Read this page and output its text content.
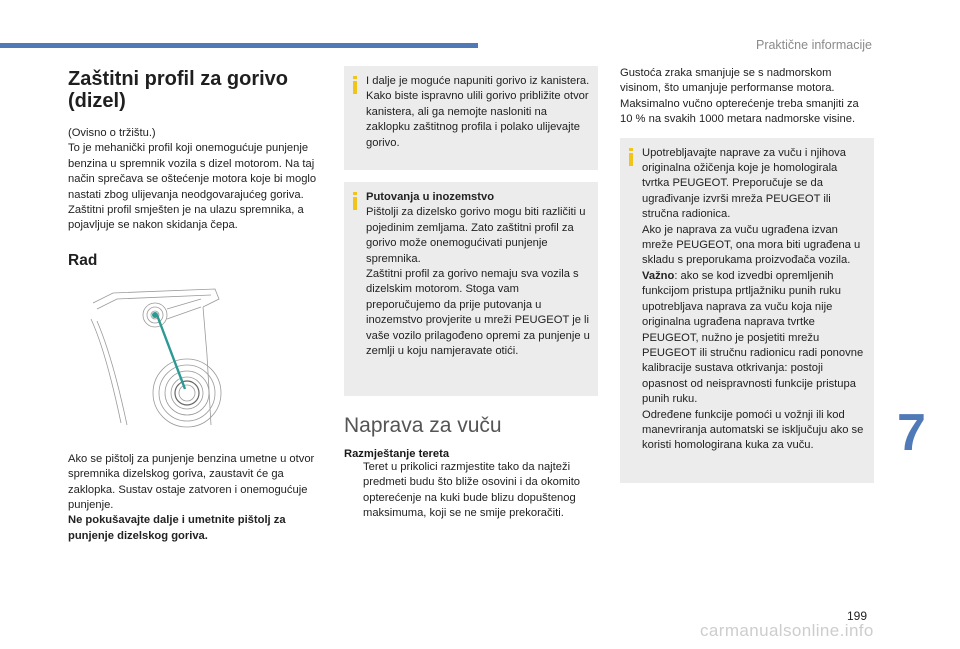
Praktične informacije
Zaštitni profil za gorivo (dizel)

(Ovisno o tržištu.)

To je mehanički profil koji onemogućuje punjenje benzina u spremnik vozila s dizel motorom. Na taj način sprečava se oštećenje motora koje bi moglo nastati zbog ulijevanja neodgovarajućeg goriva.

Zaštitni profil smješten je na ulazu spremnika, a pojavljuje se nakon skidanja čepa.

Rad

Ako se pištolj za punjenje benzina umetne u otvor spremnika dizelskog goriva, zaustavit će ga zaklopka. Sustav ostaje zatvoren i onemogućuje punjenje.

Ne pokušavajte dalje i umetnite pištolj za punjenje dizelskog goriva.

I dalje je moguće napuniti gorivo iz kanistera.

Kako biste ispravno ulili gorivo približite otvor kanistera, ali ga nemojte nasloniti na zaklopku zaštitnog profila i polako ulijevajte gorivo.

Putovanja u inozemstvo

Pištolji za dizelsko gorivo mogu biti različiti u pojedinim zemljama. Zato zaštitni profil za gorivo može onemogućivati punjenje spremnika.

Zaštitni profil za gorivo nemaju sva vozila s dizelskim motorom. Stoga vam preporučujemo da prije putovanja u inozemstvo provjerite u mreži PEUGEOT je li vaše vozilo prilagođeno opremi za punjenje u zemlji u koju namjeravate otići.

Naprava za vuču

Razmještanje tereta

Teret u prikolici razmjestite tako da najteži predmeti budu što bliže osovini i da okomito opterećenje na kuki bude blizu dopuštenog maksimuma, koji se ne smije prekoračiti.

Gustoća zraka smanjuje se s nadmorskom visinom, što umanjuje performanse motora. Maksimalno vučno opterećenje treba smanjiti za 10 % na svakih 1000 metara nadmorske visine.

Upotrebljavajte naprave za vuču i njihova originalna ožičenja koje je homologirala tvrtka PEUGEOT. Preporučuje se da ugrađivanje izvrši mreža PEUGEOT ili stručna radionica.

Ako je naprava za vuču ugrađena izvan mreže PEUGEOT, ona mora biti ugrađena u skladu s preporukama proizvođača vozila.

Važno: ako se kod izvedbi opremljenih funkcijom pristupa prtljažniku punih ruku upotrebljava naprava za vuču koja nije originalna ugrađena naprava tvrtke PEUGEOT, nužno je posjetiti mrežu PEUGEOT ili stručnu radionicu radi ponovne kalibracije sustava otkrivanja: postoji opasnost od neispravnosti funkcije pristupa punih ruku.

Određene funkcije pomoći u vožnji ili kod manevriranja automatski se isključuju ako se koristi homologirana kuka za vuču.	7
199
carmanualsonline.info
